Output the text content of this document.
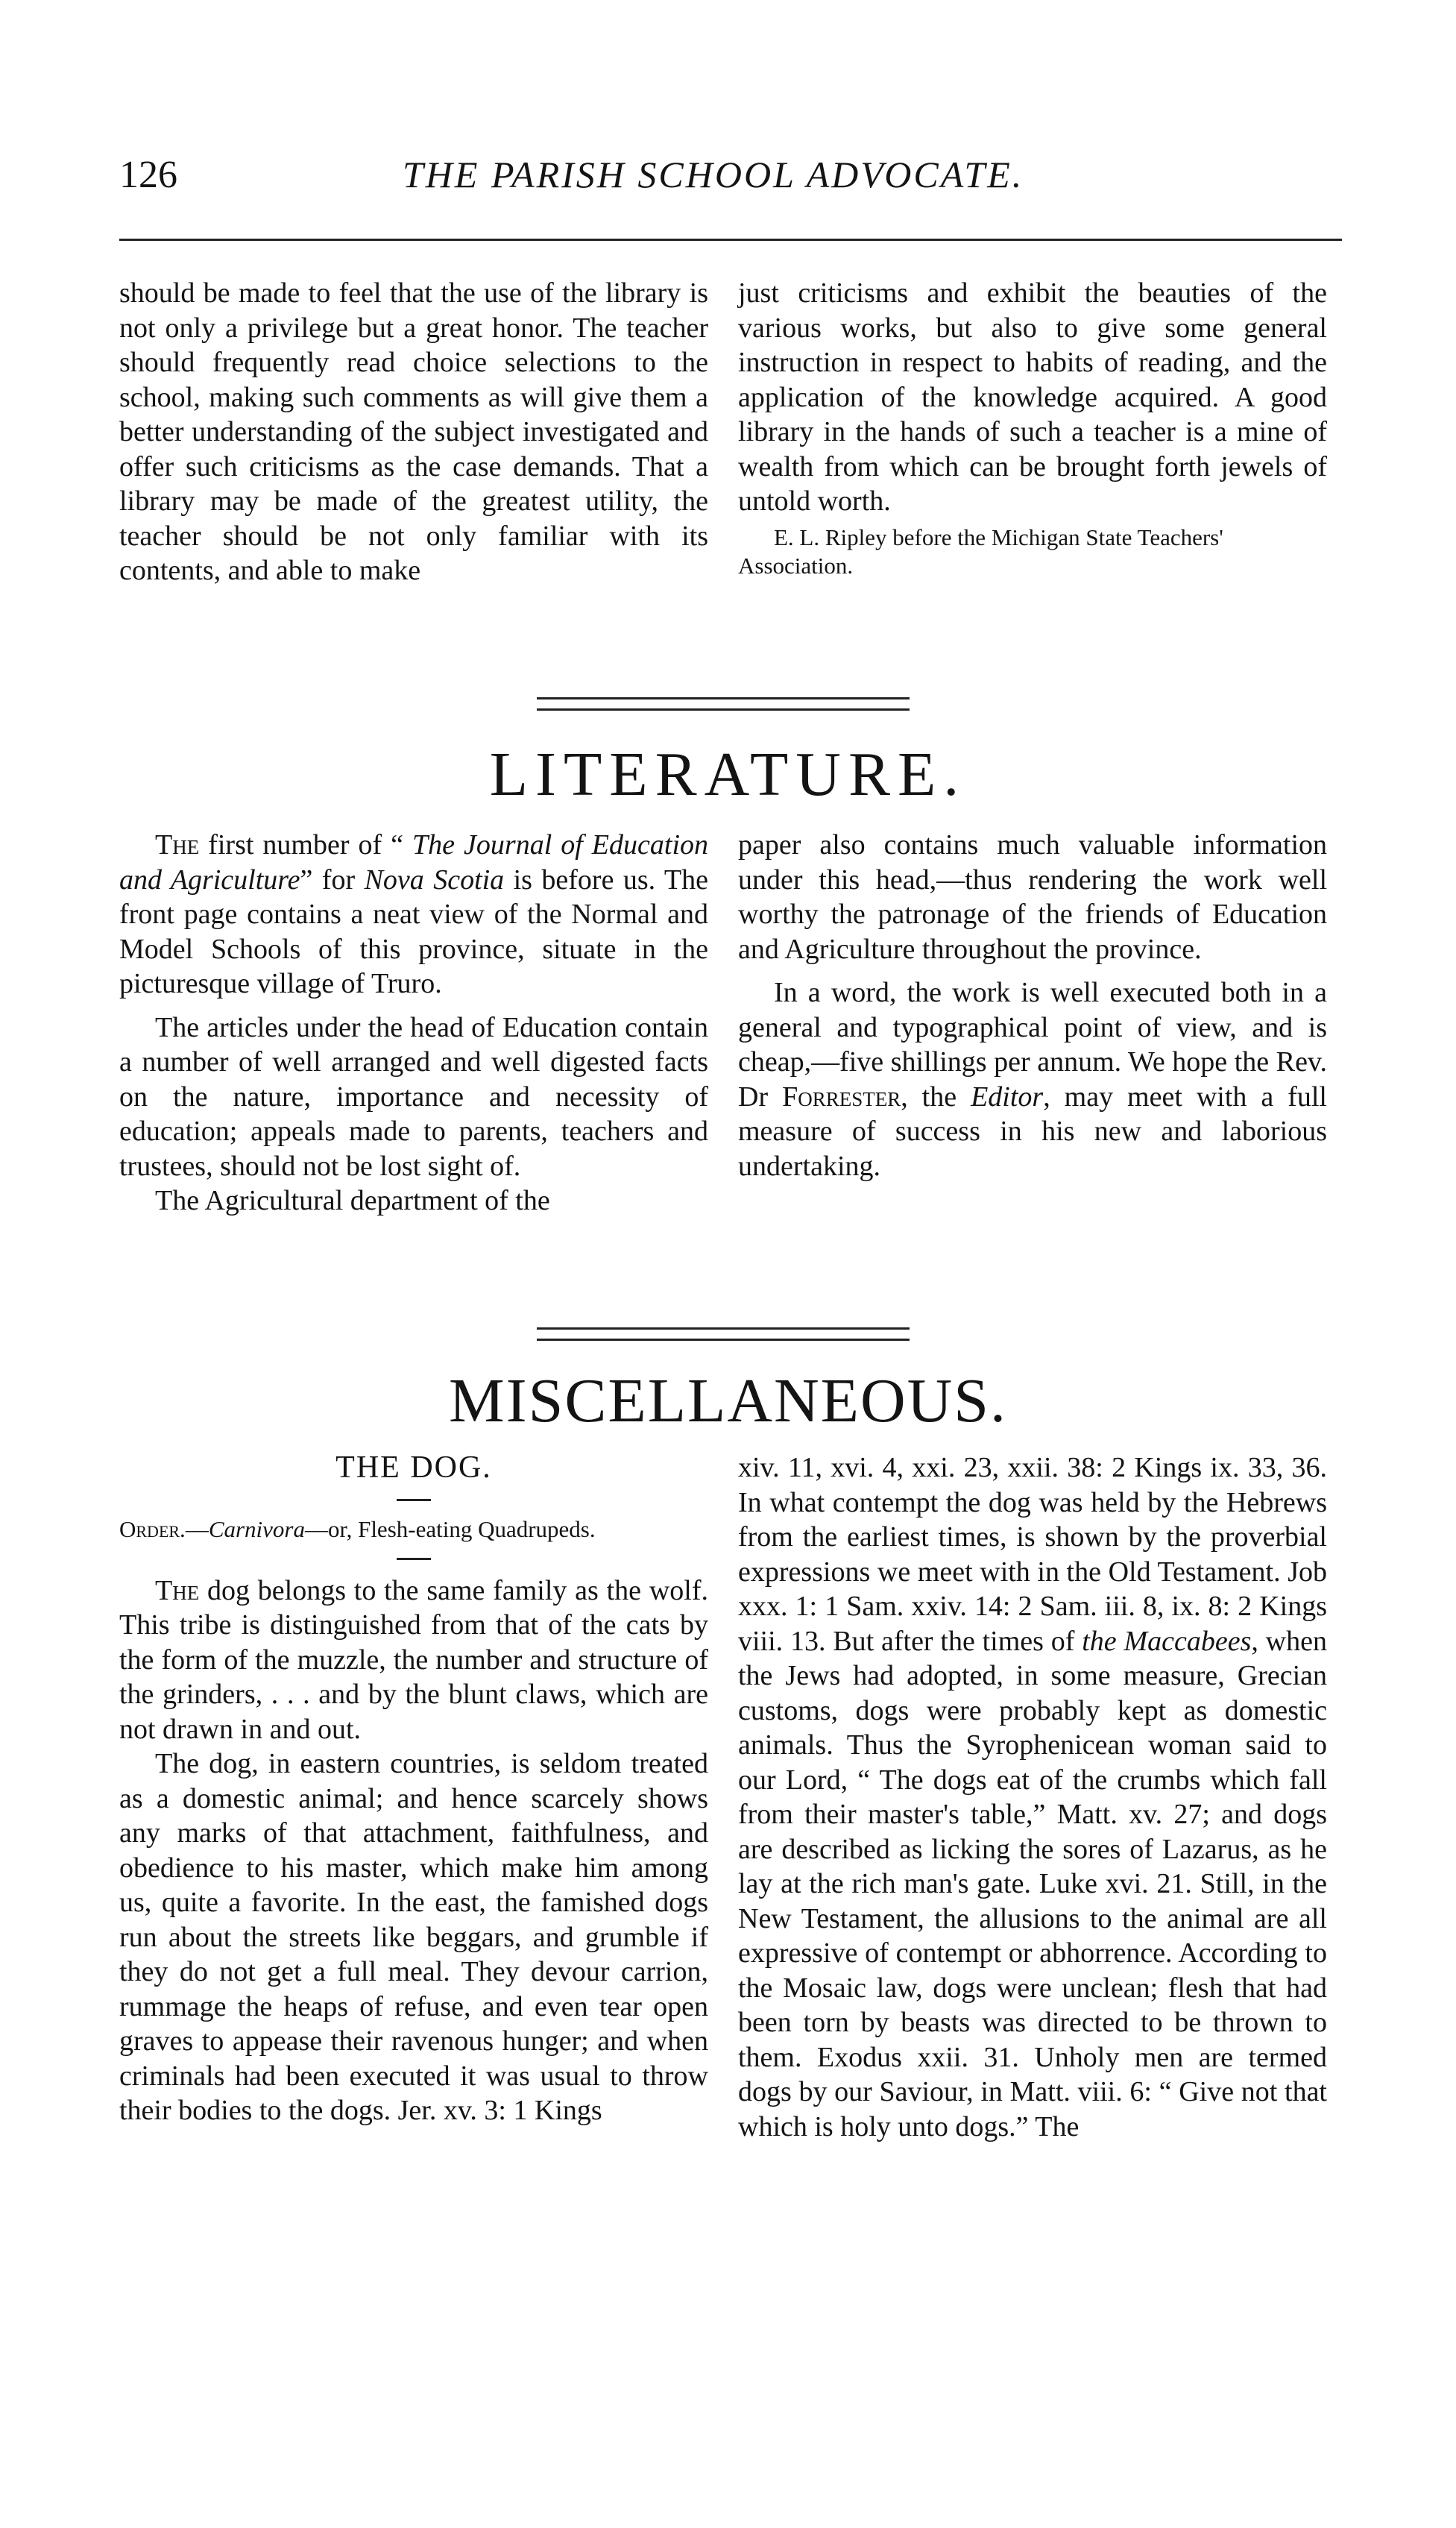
126	THE PARISH SCHOOL ADVOCATE.

should be made to feel that the use of the library is not only a privilege but a great honor. The teacher should frequently read choice selections to the school, making such comments as will give them a better understanding of the subject investigated and offer such criticisms as the case demands. That a library may be made of the greatest utility, the teacher should be not only familiar with its contents, and able to make

just criticisms and exhibit the beauties of the various works, but also to give some general instruction in respect to habits of reading, and the application of the knowledge acquired. A good library in the hands of such a teacher is a mine of wealth from which can be brought forth jewels of untold worth.

E. L. Ripley before the Michigan State Teachers' Association.

LITERATURE.

The first number of “ The Journal of Education and Agriculture” for Nova Scotia is before us. The front page contains a neat view of the Normal and Model Schools of this province, situate in the picturesque village of Truro.

The articles under the head of Education contain a number of well arranged and well digested facts on the nature, importance and necessity of education; appeals made to parents, teachers and trustees, should not be lost sight of.

The Agricultural department of the

paper also contains much valuable information under this head,—thus rendering the work well worthy the patronage of the friends of Education and Agriculture throughout the province.

In a word, the work is well executed both in a general and typographical point of view, and is cheap,—five shillings per annum. We hope the Rev. Dr Forrester, the Editor, may meet with a full measure of success in his new and laborious undertaking.

MISCELLANEOUS.

THE DOG.

Order.—Carnivora—or, Flesh-eating Quadrupeds.

The dog belongs to the same family as the wolf. This tribe is distinguished from that of the cats by the form of the muzzle, the number and structure of the grinders, . . . and by the blunt claws, which are not drawn in and out.

The dog, in eastern countries, is seldom treated as a domestic animal; and hence scarcely shows any marks of that attachment, faithfulness, and obedience to his master, which make him among us, quite a favorite. In the east, the famished dogs run about the streets like beggars, and grumble if they do not get a full meal. They devour carrion, rummage the heaps of refuse, and even tear open graves to appease their ravenous hunger; and when criminals had been executed it was usual to throw their bodies to the dogs. Jer. xv. 3: 1 Kings

xiv. 11, xvi. 4, xxi. 23, xxii. 38: 2 Kings ix. 33, 36. In what contempt the dog was held by the Hebrews from the earliest times, is shown by the proverbial expressions we meet with in the Old Testament. Job xxx. 1: 1 Sam. xxiv. 14: 2 Sam. iii. 8, ix. 8: 2 Kings viii. 13. But after the times of the Maccabees, when the Jews had adopted, in some measure, Grecian customs, dogs were probably kept as domestic animals. Thus the Syrophenicean woman said to our Lord, “ The dogs eat of the crumbs which fall from their master's table,” Matt. xv. 27; and dogs are described as licking the sores of Lazarus, as he lay at the rich man's gate. Luke xvi. 21. Still, in the New Testament, the allusions to the animal are all expressive of contempt or abhorrence. According to the Mosaic law, dogs were unclean; flesh that had been torn by beasts was directed to be thrown to them. Exodus xxii. 31. Unholy men are termed dogs by our Saviour, in Matt. viii. 6: “ Give not that which is holy unto dogs.” The
